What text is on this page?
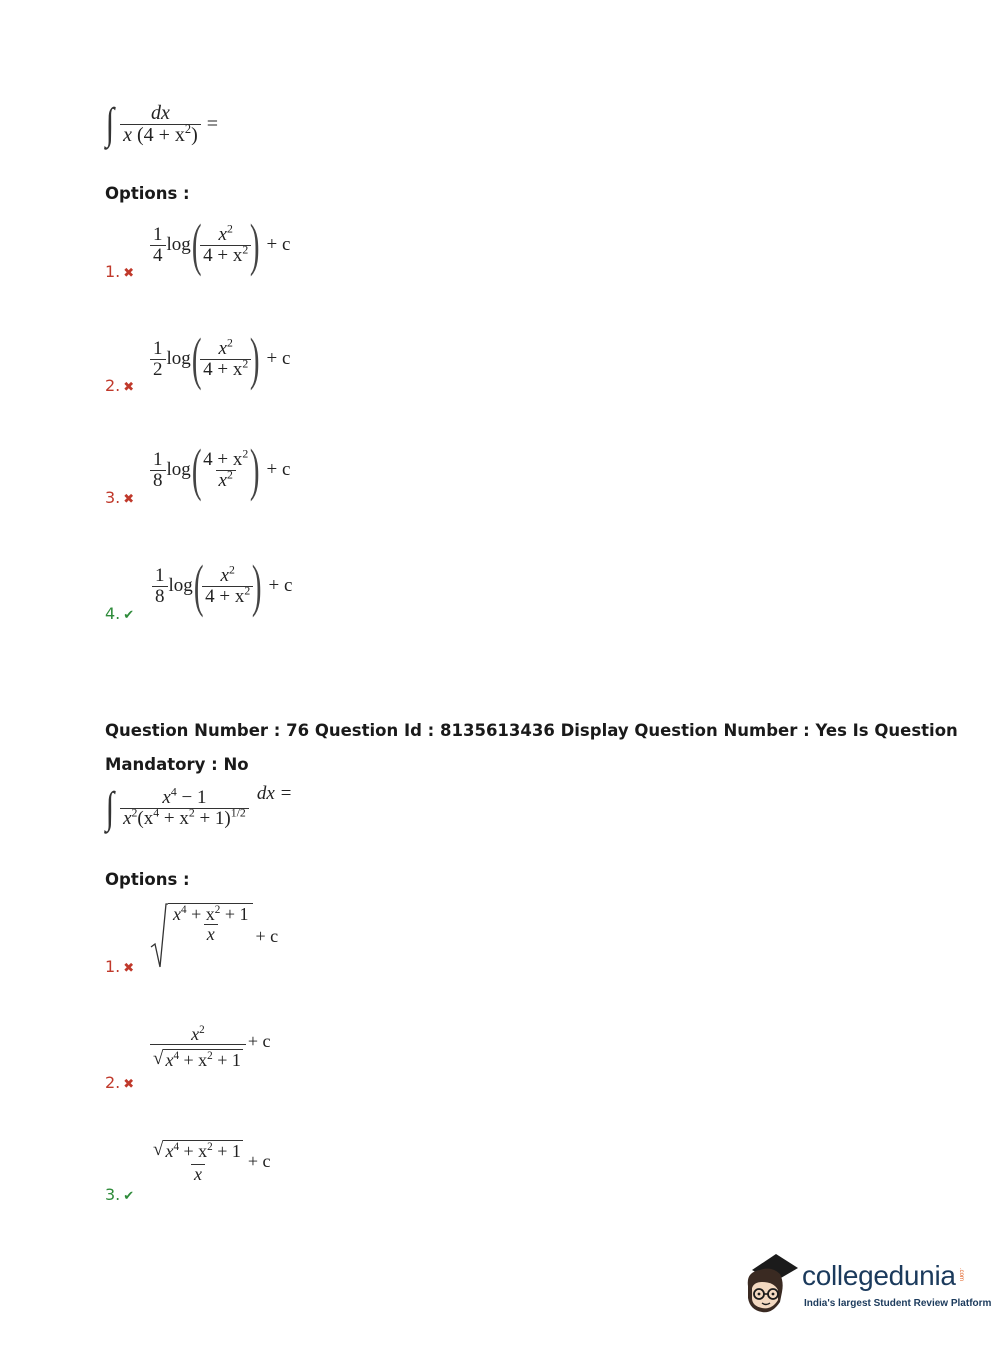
∫ $\frac{dx}{x (4 + x^2)}$ =
Options :
$\frac{1}{4}$ log (
$\frac{x^2}{4 + x^2}$
) + c
1. ✖
$\frac{1}{2}$ log (
$\frac{x^2}{4 + x^2}$
) + c
2. ✖
$\frac{1}{8}$ log (
$\frac{4 + x^2}{x^2}$
) + c
3. ✖
$\frac{1}{8}$ log (
$\frac{x^2}{4 + x^2}$
) + c
4. ✔
Question Number : 76 Question Id : 8135613436 Display Question Number : Yes Is Question
Mandatory : No
∫ $\frac{x^4 - 1}{x^2(x^4 + x^2 + 1)^{1/2}}$ dx =
Options :
$\frac{x^4 + x^2 + 1}{x} + c$
1. ✖
$\frac{x^2}{√ x^4 + x^2 + 1} + c$
2. ✖
$\frac{√ x^4 + x^2 + 1}{x} + c$
3. ✔
collegedunia .com
India's largest Student Review Platform
